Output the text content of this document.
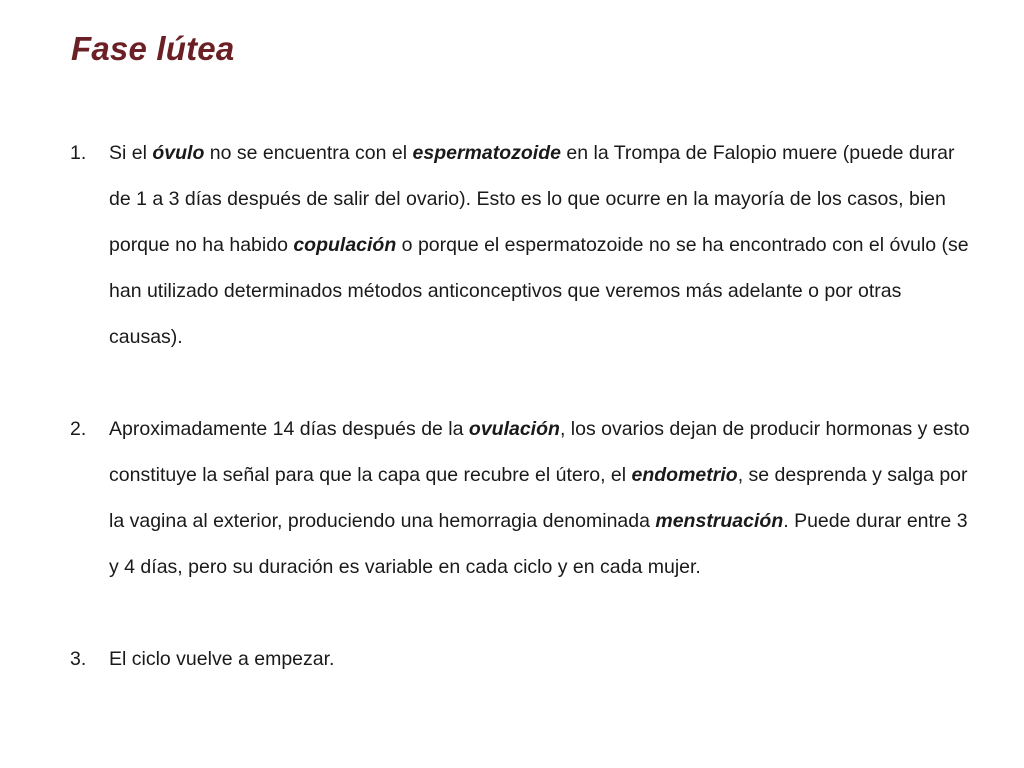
Fase lútea
1. Si el óvulo no se encuentra con el espermatozoide en la Trompa de Falopio muere (puede durar de 1 a 3 días después de salir del ovario). Esto es lo que ocurre en la mayoría de los casos, bien porque no ha habido copulación o porque el espermatozoide no se ha encontrado con el óvulo (se han utilizado determinados métodos anticonceptivos que veremos más adelante o por otras causas).
2. Aproximadamente 14 días después de la ovulación, los ovarios dejan de producir hormonas y esto constituye la señal para que la capa que recubre el útero, el endometrio, se desprenda y salga por la vagina al exterior, produciendo una hemorragia denominada menstruación. Puede durar entre 3 y 4 días, pero su duración es variable en cada ciclo y en cada mujer.
3. El ciclo vuelve a empezar.
